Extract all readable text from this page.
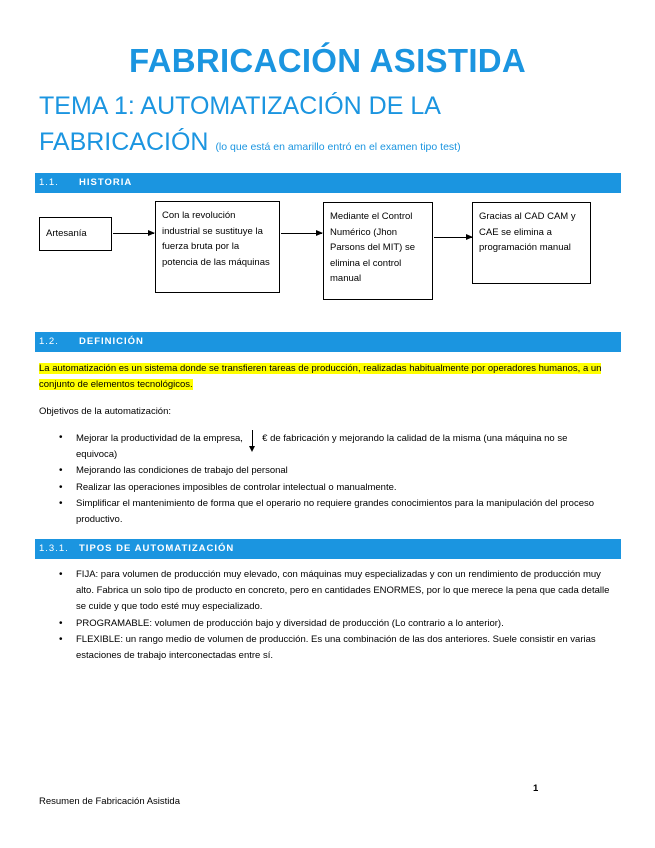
FABRICACIÓN ASISTIDA
TEMA 1: AUTOMATIZACIÓN DE LA
FABRICACIÓN (lo que está en amarillo entró en el examen tipo test)
1.1. HISTORIA
Artesanía
Con la revolución industrial se sustituye la fuerza bruta por la potencia de las máquinas
Mediante el Control Numérico (Jhon Parsons del MIT) se elimina el control manual
Gracias al CAD CAM y CAE se elimina a programación manual
1.2. DEFINICIÓN
La automatización es un sistema donde se transfieren tareas de producción, realizadas habitualmente por operadores humanos, a un conjunto de elementos tecnológicos.
Objetivos de la automatización:
• Mejorar la productividad de la empresa, € de fabricación y mejorando la calidad de la misma (una máquina no se equivoca)
• Mejorando las condiciones de trabajo del personal
• Realizar las operaciones imposibles de controlar intelectual o manualmente.
• Simplificar el mantenimiento de forma que el operario no requiere grandes conocimientos para la manipulación del proceso productivo.
1.3.1. TIPOS DE AUTOMATIZACIÓN
• FIJA: para volumen de producción muy elevado, con máquinas muy especializadas y con un rendimiento de producción muy alto. Fabrica un solo tipo de producto en concreto, pero en cantidades ENORMES, por lo que merece la pena que cada detalle se cuide y que todo esté muy especializado.
• PROGRAMABLE: volumen de producción bajo y diversidad de producción (Lo contrario a lo anterior).
• FLEXIBLE: un rango medio de volumen de producción. Es una combinación de las dos anteriores. Suele consistir en varias estaciones de trabajo interconectadas entre sí.
1
Resumen de Fabricación Asistida
